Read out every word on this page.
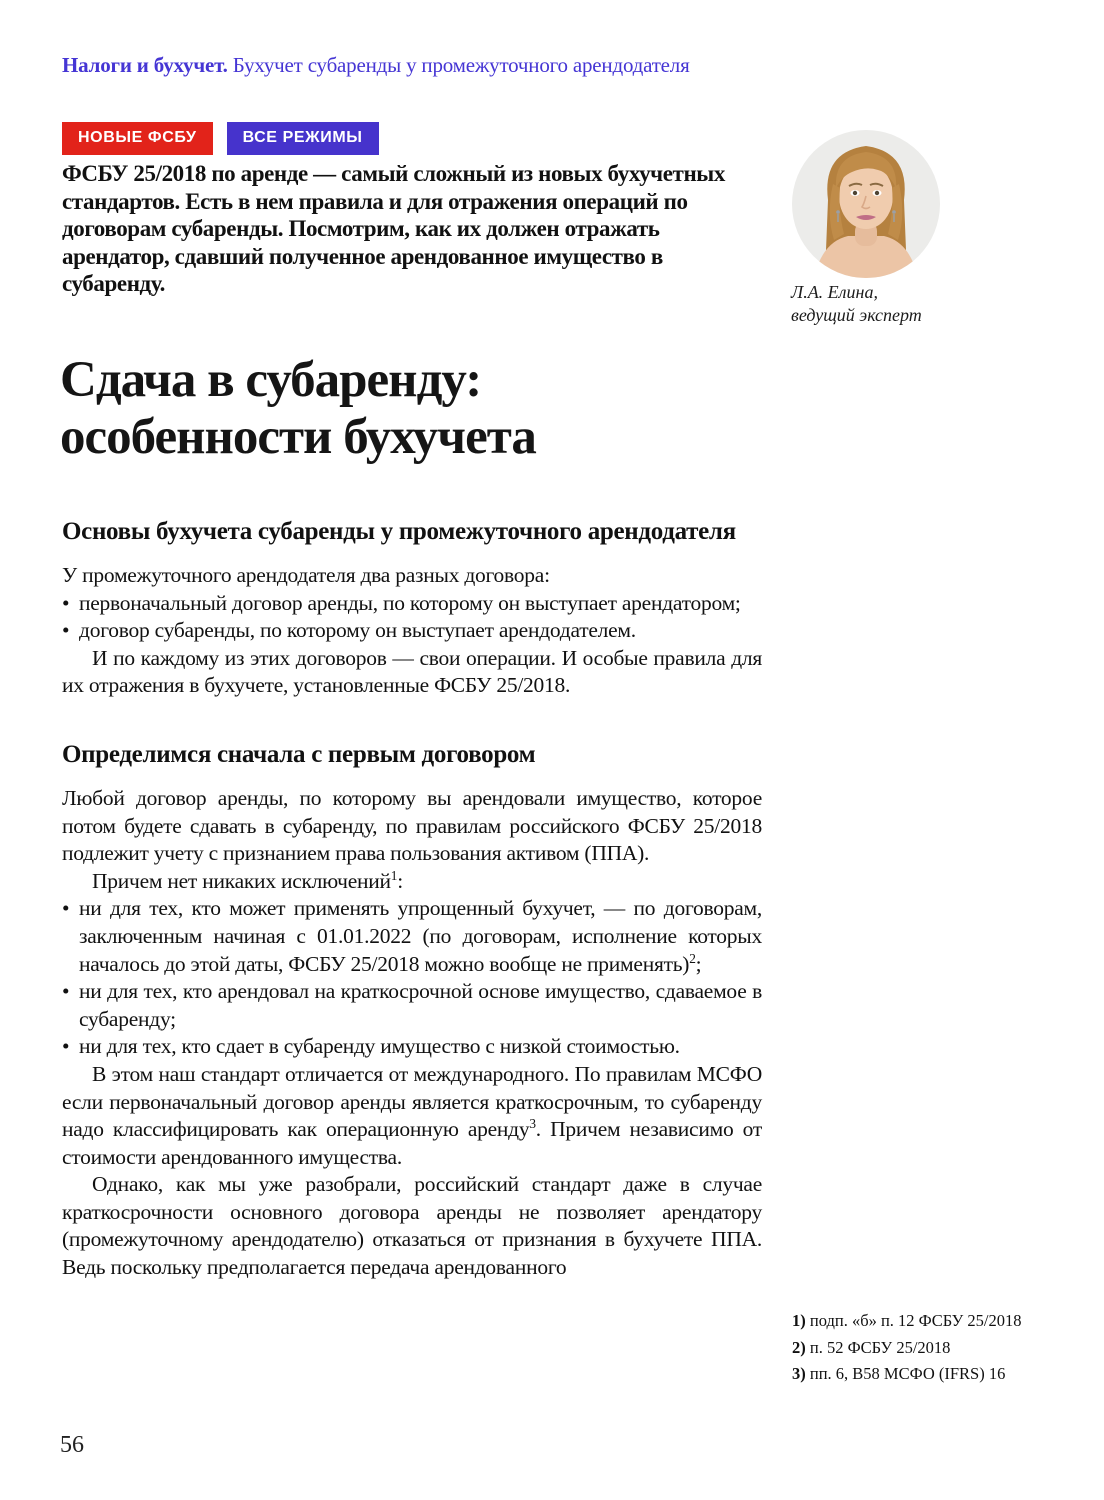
Налоги и бухучет. Бухучет субаренды у промежуточного арендодателя
НОВЫЕ ФСБУ	ВСЕ РЕЖИМЫ
ФСБУ 25/2018 по аренде — самый сложный из новых бухучетных стандартов. Есть в нем правила и для отражения операций по договорам субаренды. Посмотрим, как их должен отражать арендатор, сдавший полученное арендованное имущество в субаренду.	Л.А. Елина,
ведущий эксперт
Сдача в субаренду:
особенности бухучета
Основы бухучета субаренды у промежуточного арендодателя

У промежуточного арендодателя два разных договора:

• первоначальный договор аренды, по которому он выступает арендатором;
• договор субаренды, по которому он выступает арендодателем.

И по каждому из этих договоров — свои операции. И особые правила для их отражения в бухучете, установленные ФСБУ 25/2018.

Определимся сначала с первым договором

Любой договор аренды, по которому вы арендовали имущество, которое потом будете сдавать в субаренду, по правилам российского ФСБУ 25/2018 подлежит учету с признанием права пользования активом (ППА).

Причем нет никаких исключений$^1$:

• ни для тех, кто может применять упрощенный бухучет, — по договорам, заключенным начиная с 01.01.2022 (по договорам, исполнение которых началось до этой даты, ФСБУ 25/2018 можно вообще не применять)$^2$;
• ни для тех, кто арендовал на краткосрочной основе имущество, сдаваемое в субаренду;
• ни для тех, кто сдает в субаренду имущество с низкой стоимостью.

В этом наш стандарт отличается от международного. По правилам МСФО если первоначальный договор аренды является краткосрочным, то субаренду надо классифицировать как операционную аренду$^3$. Причем независимо от стоимости арендованного имущества.

Однако, как мы уже разобрали, российский стандарт даже в случае краткосрочности основного договора аренды не позволяет арендатору (промежуточному арендодателю) отказаться от признания в бухучете ППА. Ведь поскольку предполагается передача арендованного

1) подп. «б» п. 12 ФСБУ 25/2018
2) п. 52 ФСБУ 25/2018
3) пп. 6, B58 МСФО (IFRS) 16
56
